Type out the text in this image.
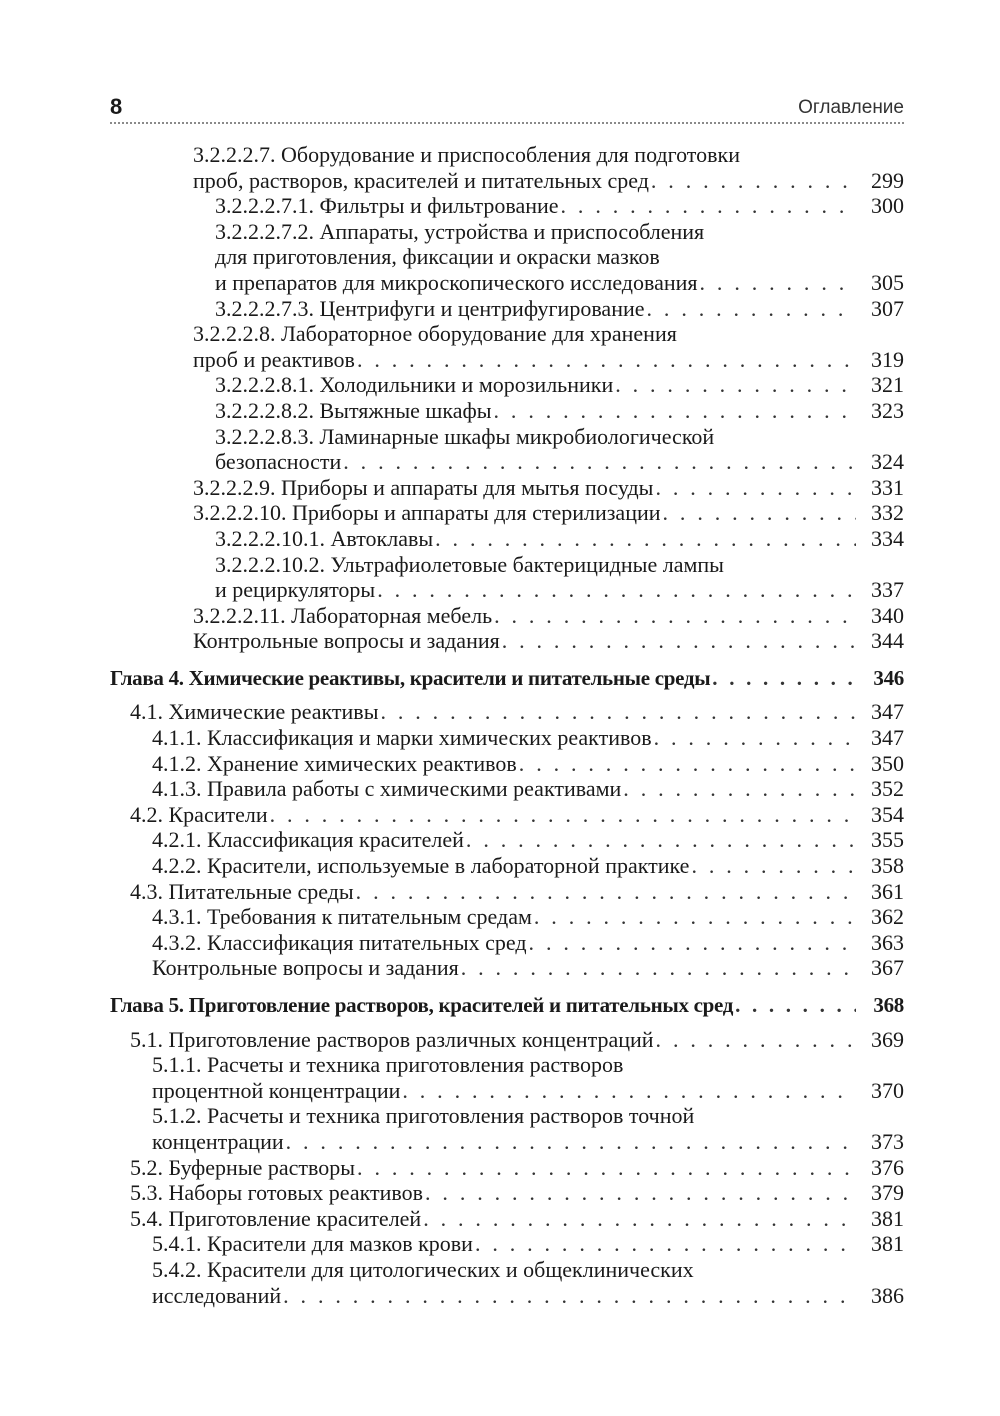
8	Оглавление
3.2.2.2.7. Оборудование и приспособления для подготовки
проб, растворов, красителей и питательных сред . . .	299
3.2.2.2.7.1. Фильтры и фильтрование . . .	300
3.2.2.2.7.2. Аппараты, устройства и приспособления
для приготовления, фиксации и окраски мазков
и препаратов для микроскопического исследования . . .	305
3.2.2.2.7.3. Центрифуги и центрифугирование . . .	307
3.2.2.2.8. Лабораторное оборудование для хранения
проб и реактивов . . .	319
3.2.2.2.8.1. Холодильники и морозильники . . .	321
3.2.2.2.8.2. Вытяжные шкафы . . .	323
3.2.2.2.8.3. Ламинарные шкафы микробиологической
безопасности . . .	324
3.2.2.2.9. Приборы и аппараты для мытья посуды . . .	331
3.2.2.2.10. Приборы и аппараты для стерилизации . . .	332
3.2.2.2.10.1. Автоклавы . . .	334
3.2.2.2.10.2. Ультрафиолетовые бактерицидные лампы
и рециркуляторы . . .	337
3.2.2.2.11. Лабораторная мебель . . .	340
Контрольные вопросы и задания . . .	344
Глава 4. Химические реактивы, красители и питательные среды . . .	346
4.1. Химические реактивы . . .	347
4.1.1. Классификация и марки химических реактивов . . .	347
4.1.2. Хранение химических реактивов . . .	350
4.1.3. Правила работы с химическими реактивами . . .	352
4.2. Красители . . .	354
4.2.1. Классификация красителей . . .	355
4.2.2. Красители, используемые в лабораторной практике . . .	358
4.3. Питательные среды . . .	361
4.3.1. Требования к питательным средам . . .	362
4.3.2. Классификация питательных сред . . .	363
Контрольные вопросы и задания . . .	367
Глава 5. Приготовление растворов, красителей и питательных сред . . .	368
5.1. Приготовление растворов различных концентраций . . .	369
5.1.1. Расчеты и техника приготовления растворов
процентной концентрации . . .	370
5.1.2. Расчеты и техника приготовления растворов точной
концентрации . . .	373
5.2. Буферные растворы . . .	376
5.3. Наборы готовых реактивов . . .	379
5.4. Приготовление красителей . . .	381
5.4.1. Красители для мазков крови . . .	381
5.4.2. Красители для цитологических и общеклинических
исследований . . .	386
